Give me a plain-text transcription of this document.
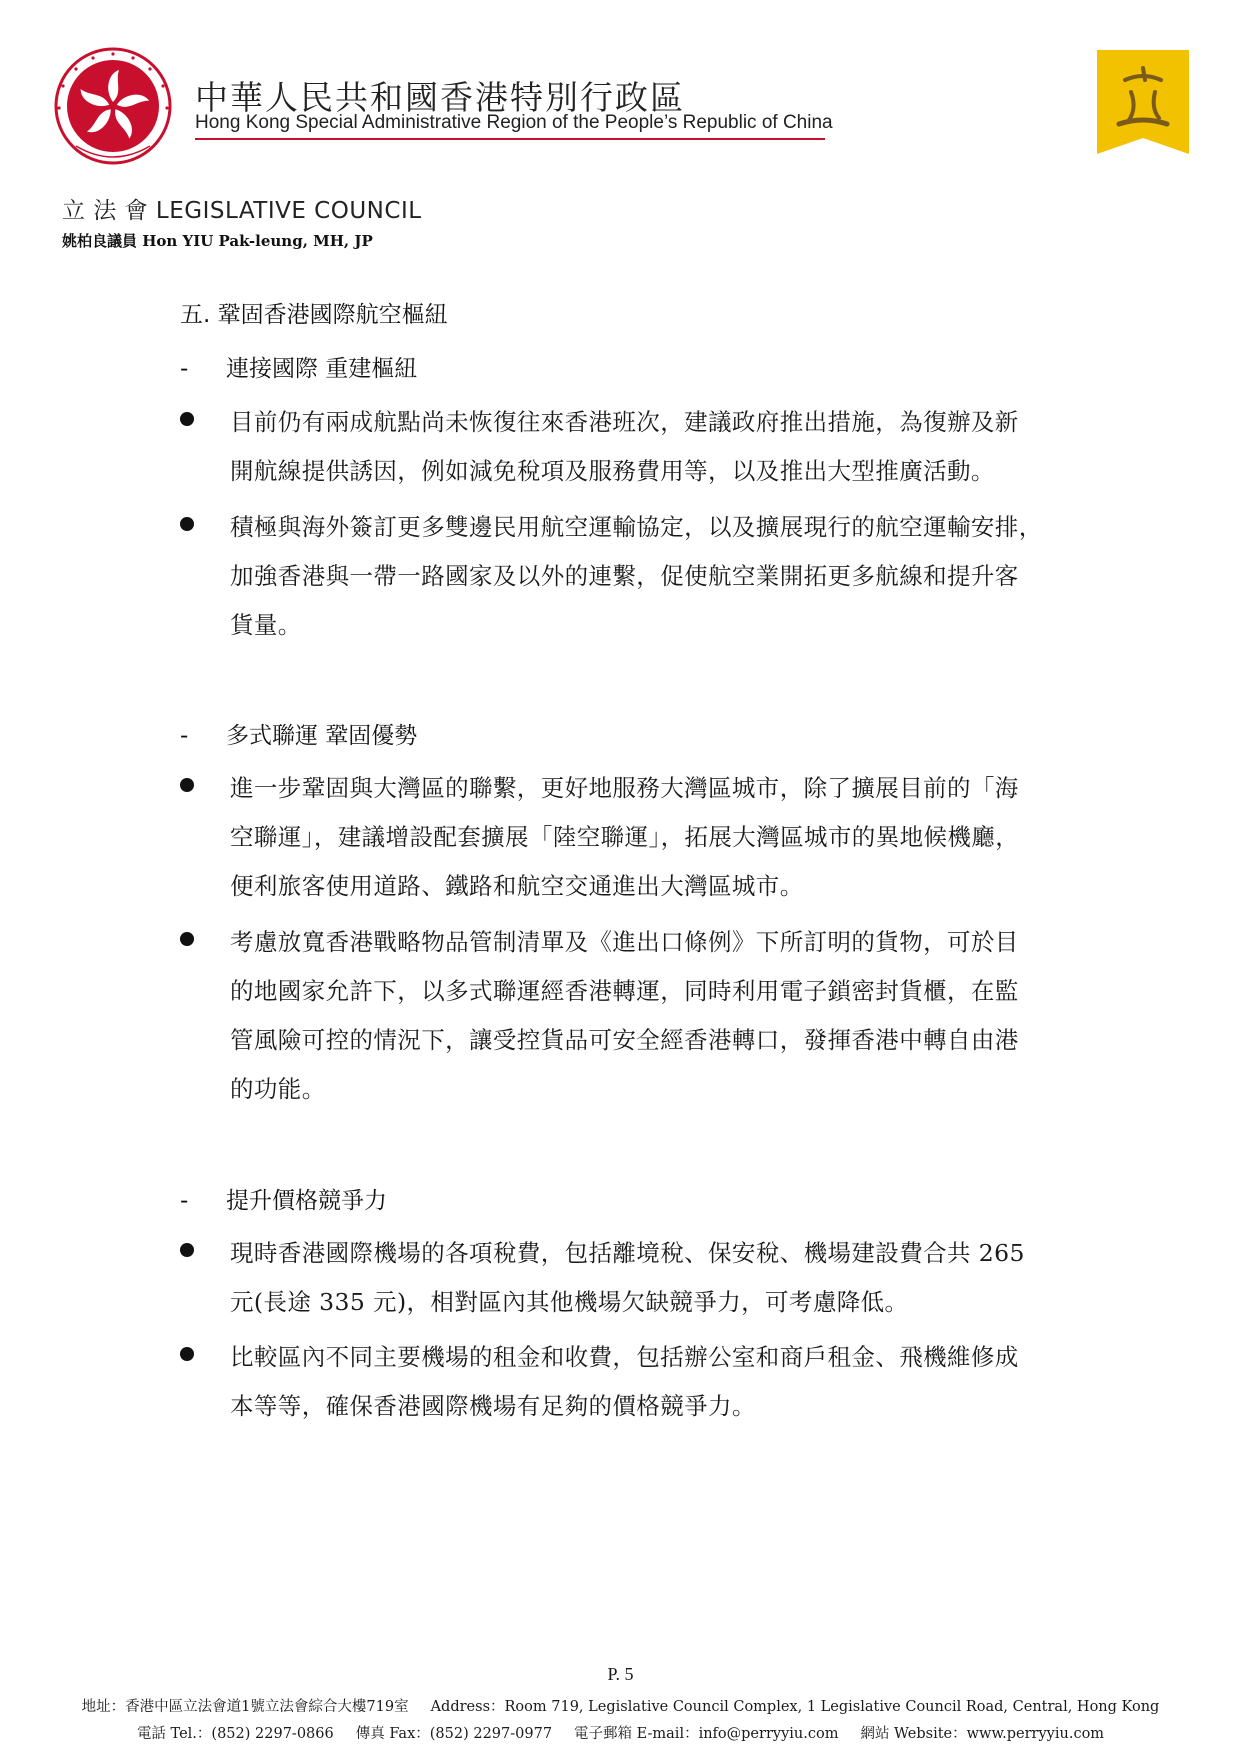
中華人民共和國香港特別行政區
Hong Kong Special Administrative Region of the People’s Republic of China
立 法 會 LEGISLATIVE COUNCIL
姚柏良議員 Hon YIU Pak-leung, MH, JP
五. 鞏固香港國際航空樞紐
- 連接國際 重建樞紐
目前仍有兩成航點尚未恢復往來香港班次，建議政府推出措施，為復辦及新
開航線提供誘因，例如減免稅項及服務費用等，以及推出大型推廣活動。
積極與海外簽訂更多雙邊民用航空運輸協定，以及擴展現行的航空運輸安排，
加強香港與一帶一路國家及以外的連繫，促使航空業開拓更多航線和提升客
貨量。
- 多式聯運 鞏固優勢
進一步鞏固與大灣區的聯繫，更好地服務大灣區城市，除了擴展目前的「海
空聯運」，建議增設配套擴展「陸空聯運」，拓展大灣區城市的異地候機廳，
便利旅客使用道路、鐵路和航空交通進出大灣區城市。
考慮放寬香港戰略物品管制清單及《進出口條例》下所訂明的貨物，可於目
的地國家允許下，以多式聯運經香港轉運，同時利用電子鎖密封貨櫃，在監
管風險可控的情況下，讓受控貨品可安全經香港轉口，發揮香港中轉自由港
的功能。
- 提升價格競爭力
現時香港國際機場的各項稅費，包括離境稅、保安稅、機場建設費合共 265
元(長途 335 元)，相對區內其他機場欠缺競爭力，可考慮降低。
比較區內不同主要機場的租金和收費，包括辦公室和商戶租金、飛機維修成
本等等，確保香港國際機場有足夠的價格競爭力。
P. 5
地址：香港中區立法會道1號立法會綜合大樓719室 Address：Room 719, Legislative Council Complex, 1 Legislative Council Road, Central, Hong Kong
電話 Tel.：(852) 2297-0866 傳真 Fax：(852) 2297-0977 電子郵箱 E-mail：info@perryyiu.com 網站 Website：www.perryyiu.com
